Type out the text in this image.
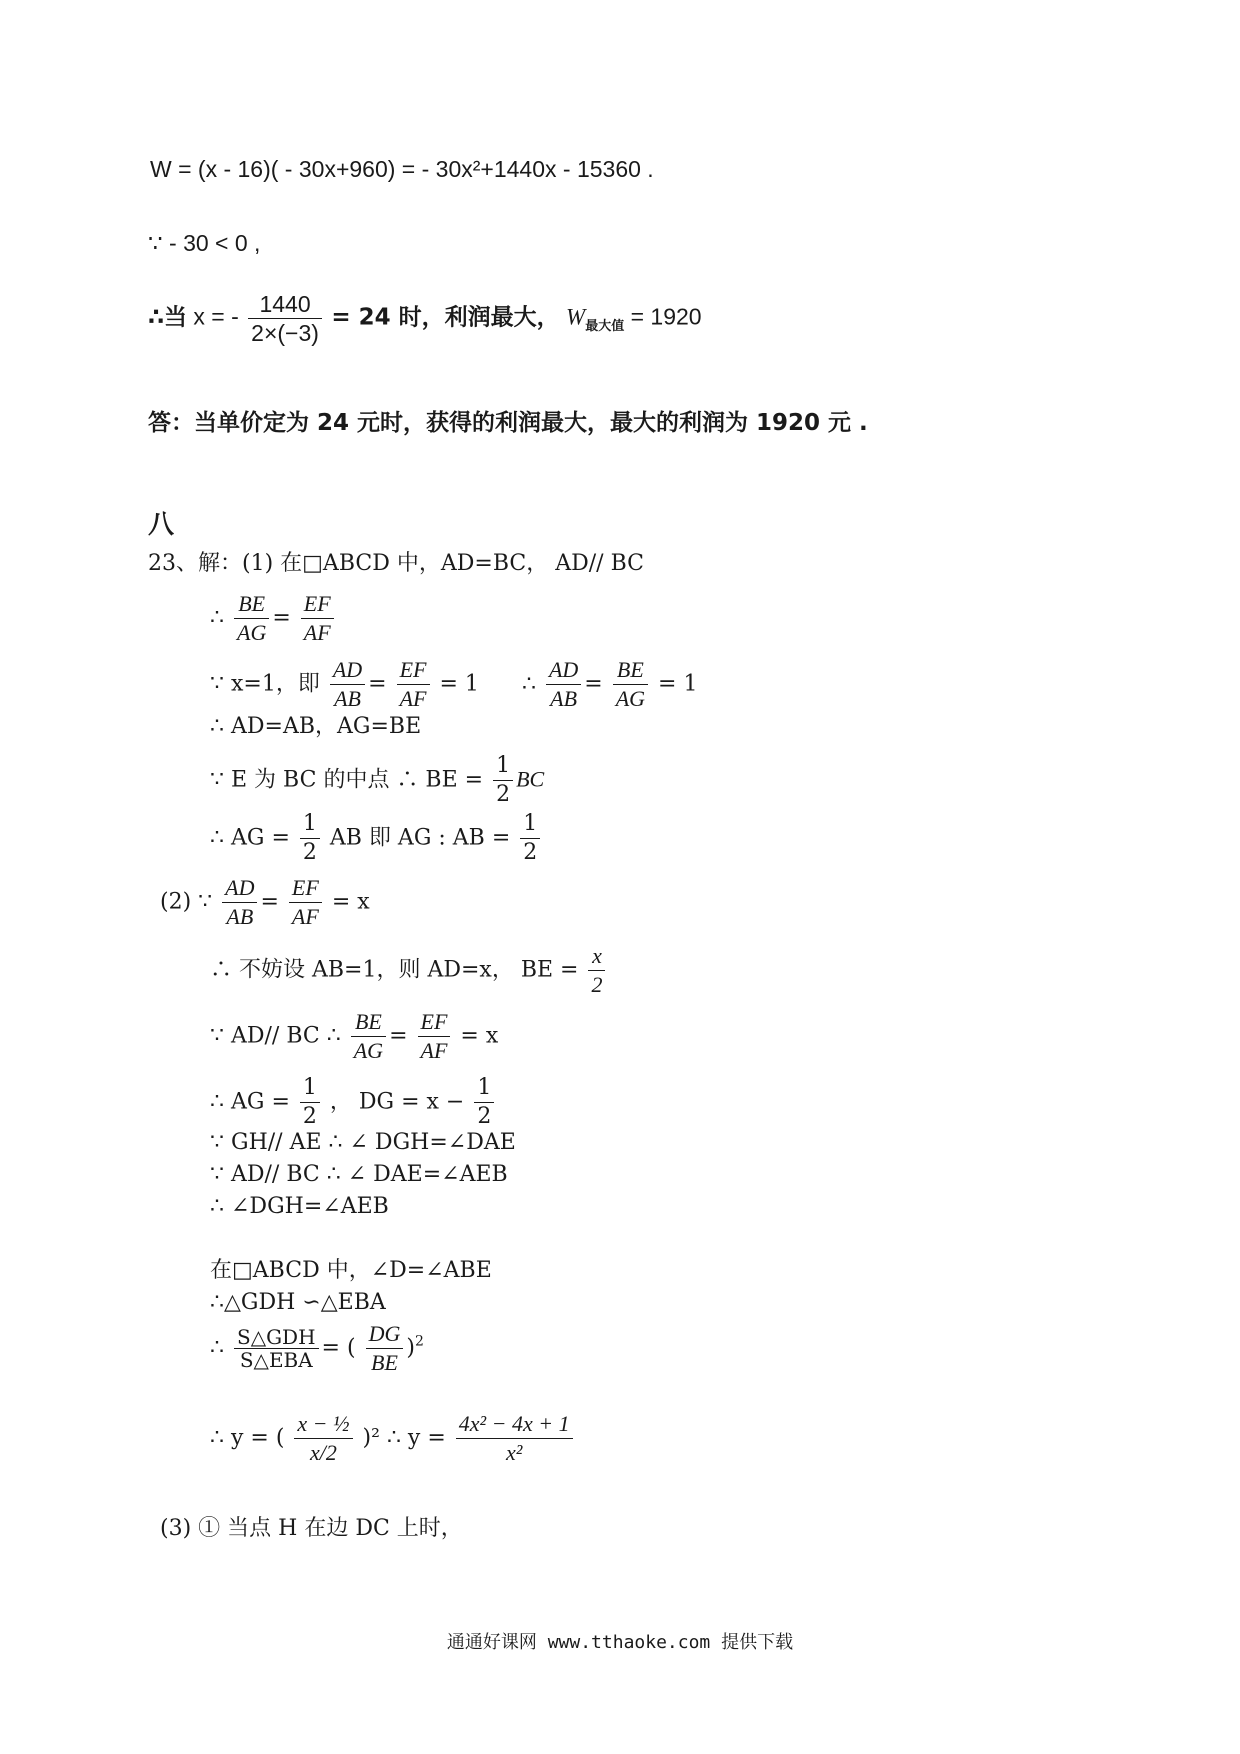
W = (x - 16)( - 30x+960) = - 30x²+1440x - 15360 .
∵ - 30 < 0 ,
∴当 x = - $\frac{1440}{2\times(-3)} = 24$ 时，利润最大， $W_{最大值} = 1920$
答：当单价定为 24 元时，获得的利润最大，最大的利润为 1920 元 .
八
23、解：(1) 在□ABCD 中，AD=BC， AD// BC
∴ $\frac{BE}{AG} = \frac{EF}{AF}$
∵ x=1，即 $\frac{AD}{AB} = \frac{EF}{AF} = 1$ ∴ $\frac{AD}{AB} = \frac{BE}{AG} = 1$
∴ AD=AB，AG=BE
∵ E 为 BC 的中点 ∴ BE = $\frac{1}{2}$ BC
∴ AG = $\frac{1}{2}$ AB 即 AG : AB = $\frac{1}{2}$
(2) ∵ $\frac{AD}{AB} = \frac{EF}{AF} = x$
∴ 不妨设 AB=1，则 AD=x， BE = $\frac{x}{2}$
∵ AD// BC ∴ $\frac{BE}{AG} = \frac{EF}{AF} = x$
∴ AG = $\frac{1}{2}$ ， DG = $x - \frac{1}{2}$
∵ GH// AE ∴ ∠ DGH=∠DAE
∵ AD// BC ∴ ∠ DAE=∠AEB
∴ ∠DGH=∠AEB
在□ABCD 中，∠D=∠ABE
∴△GDH ∽△EBA
∴ $\frac{\text{S△GDH}}{\text{S△EBA}}$ = ( $\frac{DG}{BE} )^2$
∴ y = ( $\frac{\text{x − ½}}{x/2} )^2$ ∴ $y = \frac{\text{4x² − 4x + 1}}{\text{x²}}$
(3) ① 当点 H 在边 DC 上时，
通通好课网 www.tthaoke.com 提供下载
